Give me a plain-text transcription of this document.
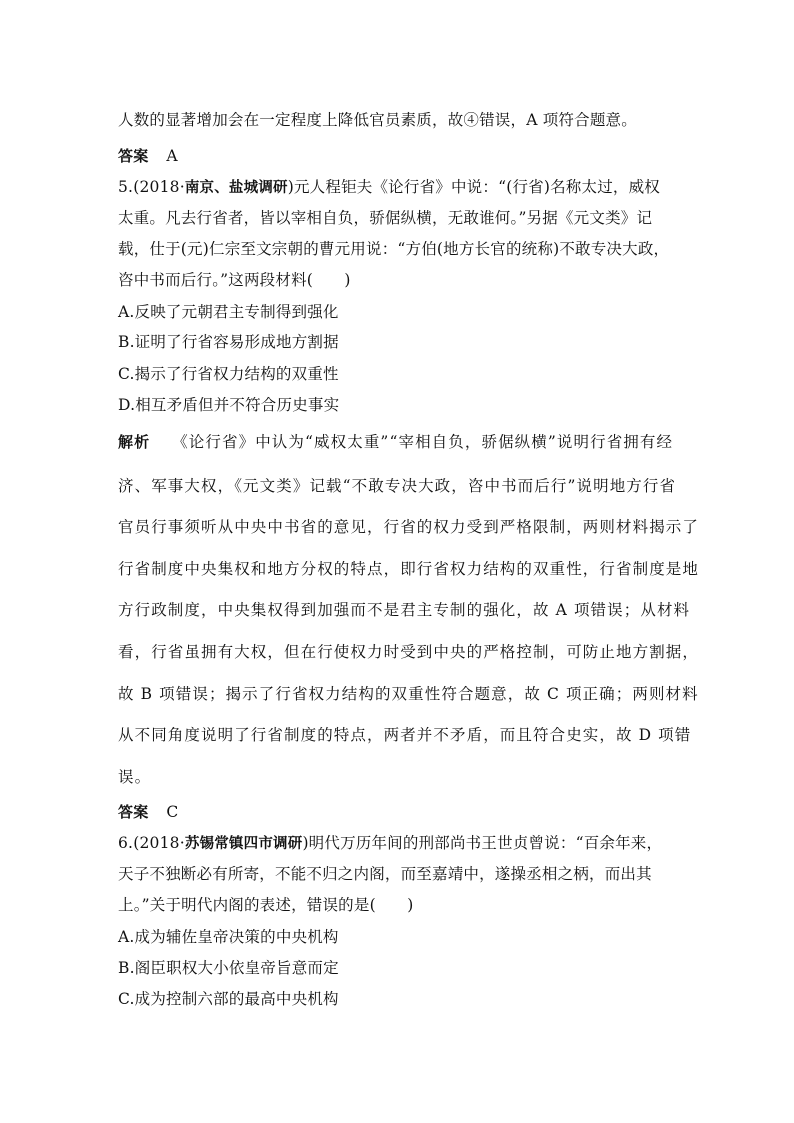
人数的显著增加会在一定程度上降低官员素质，故④错误，A 项符合题意。
答案 A
5.(2018·南京、盐城调研)元人程钜夫《论行省》中说：“(行省)名称太过，威权
太重。凡去行省者，皆以宰相自负，骄倨纵横，无敢谁何。”另据《元文类》记
载，仕于(元)仁宗至文宗朝的曹元用说：“方伯(地方长官的统称)不敢专决大政，
咨中书而后行。”这两段材料(　　)
A.反映了元朝君主专制得到强化
B.证明了行省容易形成地方割据
C.揭示了行省权力结构的双重性
D.相互矛盾但并不符合历史事实
解析 《论行省》中认为“威权太重”“宰相自负，骄倨纵横”说明行省拥有经
济、军事大权，《元文类》记载“不敢专决大政，咨中书而后行”说明地方行省
官员行事须听从中央中书省的意见，行省的权力受到严格限制，两则材料揭示了
行省制度中央集权和地方分权的特点，即行省权力结构的双重性，行省制度是地
方行政制度，中央集权得到加强而不是君主专制的强化，故 A 项错误；从材料
看，行省虽拥有大权，但在行使权力时受到中央的严格控制，可防止地方割据，
故 B 项错误；揭示了行省权力结构的双重性符合题意，故 C 项正确；两则材料
从不同角度说明了行省制度的特点，两者并不矛盾，而且符合史实，故 D 项错
误。
答案 C
6.(2018·苏锡常镇四市调研)明代万历年间的刑部尚书王世贞曾说：“百余年来，
天子不独断必有所寄，不能不归之内阁，而至嘉靖中，遂操丞相之柄，而出其
上。”关于明代内阁的表述，错误的是(　　)
A.成为辅佐皇帝决策的中央机构
B.阁臣职权大小依皇帝旨意而定
C.成为控制六部的最高中央机构
